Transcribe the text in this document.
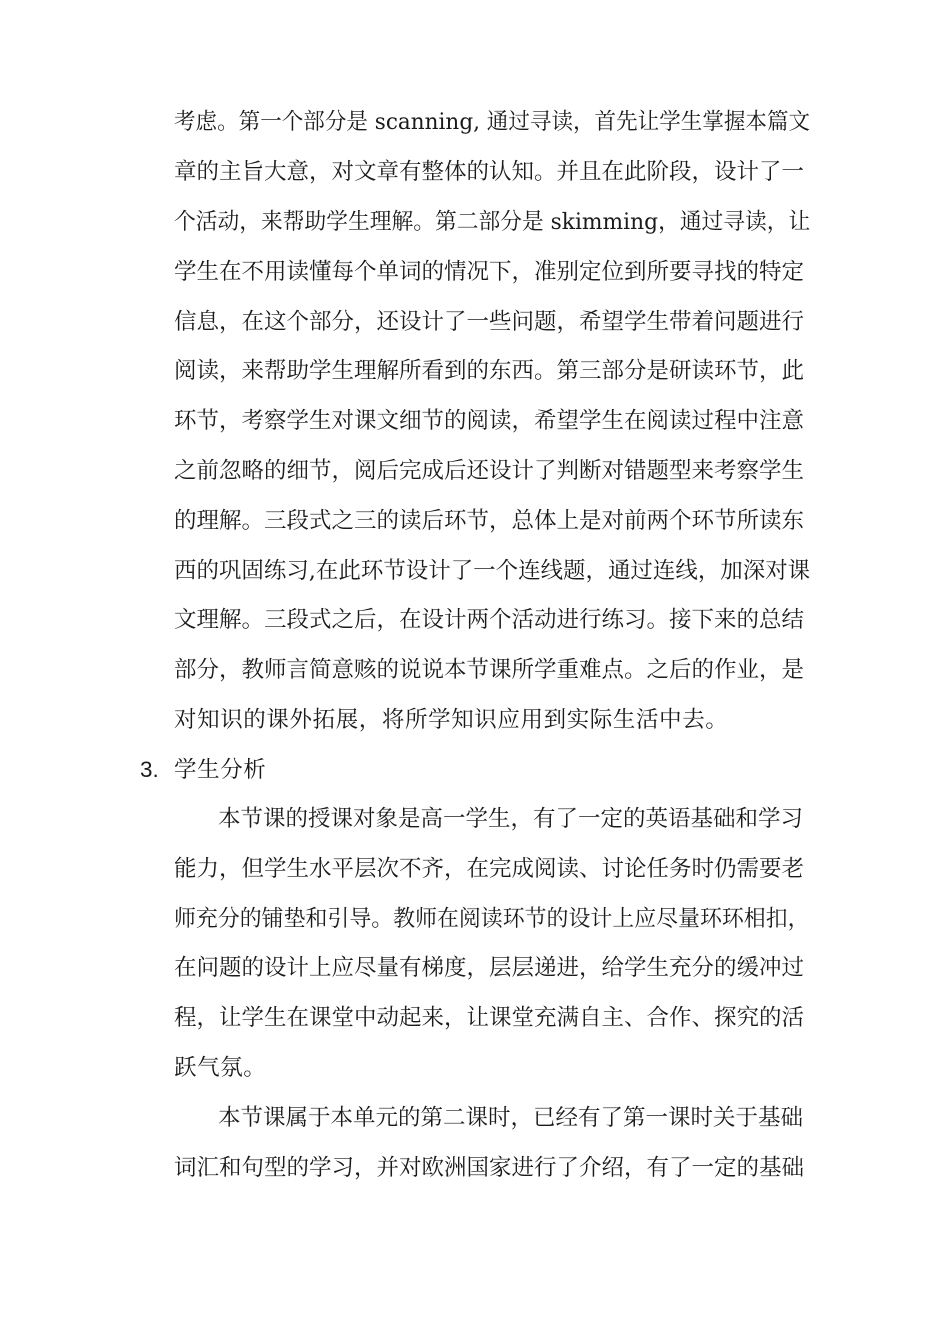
考虑。第一个部分是 scanning, 通过寻读，首先让学生掌握本篇文
章的主旨大意，对文章有整体的认知。并且在此阶段，设计了一
个活动，来帮助学生理解。第二部分是 skimming，通过寻读，让
学生在不用读懂每个单词的情况下，准别定位到所要寻找的特定
信息，在这个部分，还设计了一些问题，希望学生带着问题进行
阅读，来帮助学生理解所看到的东西。第三部分是研读环节，此
环节，考察学生对课文细节的阅读，希望学生在阅读过程中注意
之前忽略的细节，阅后完成后还设计了判断对错题型来考察学生
的理解。三段式之三的读后环节，总体上是对前两个环节所读东
西的巩固练习,在此环节设计了一个连线题，通过连线，加深对课
文理解。三段式之后，在设计两个活动进行练习。接下来的总结
部分，教师言简意赅的说说本节课所学重难点。之后的作业，是
对知识的课外拓展，将所学知识应用到实际生活中去。
3. 学生分析
本节课的授课对象是高一学生，有了一定的英语基础和学习
能力，但学生水平层次不齐，在完成阅读、讨论任务时仍需要老
师充分的铺垫和引导。教师在阅读环节的设计上应尽量环环相扣，
在问题的设计上应尽量有梯度，层层递进，给学生充分的缓冲过
程，让学生在课堂中动起来，让课堂充满自主、合作、探究的活
跃气氛。
本节课属于本单元的第二课时，已经有了第一课时关于基础
词汇和句型的学习，并对欧洲国家进行了介绍，有了一定的基础
